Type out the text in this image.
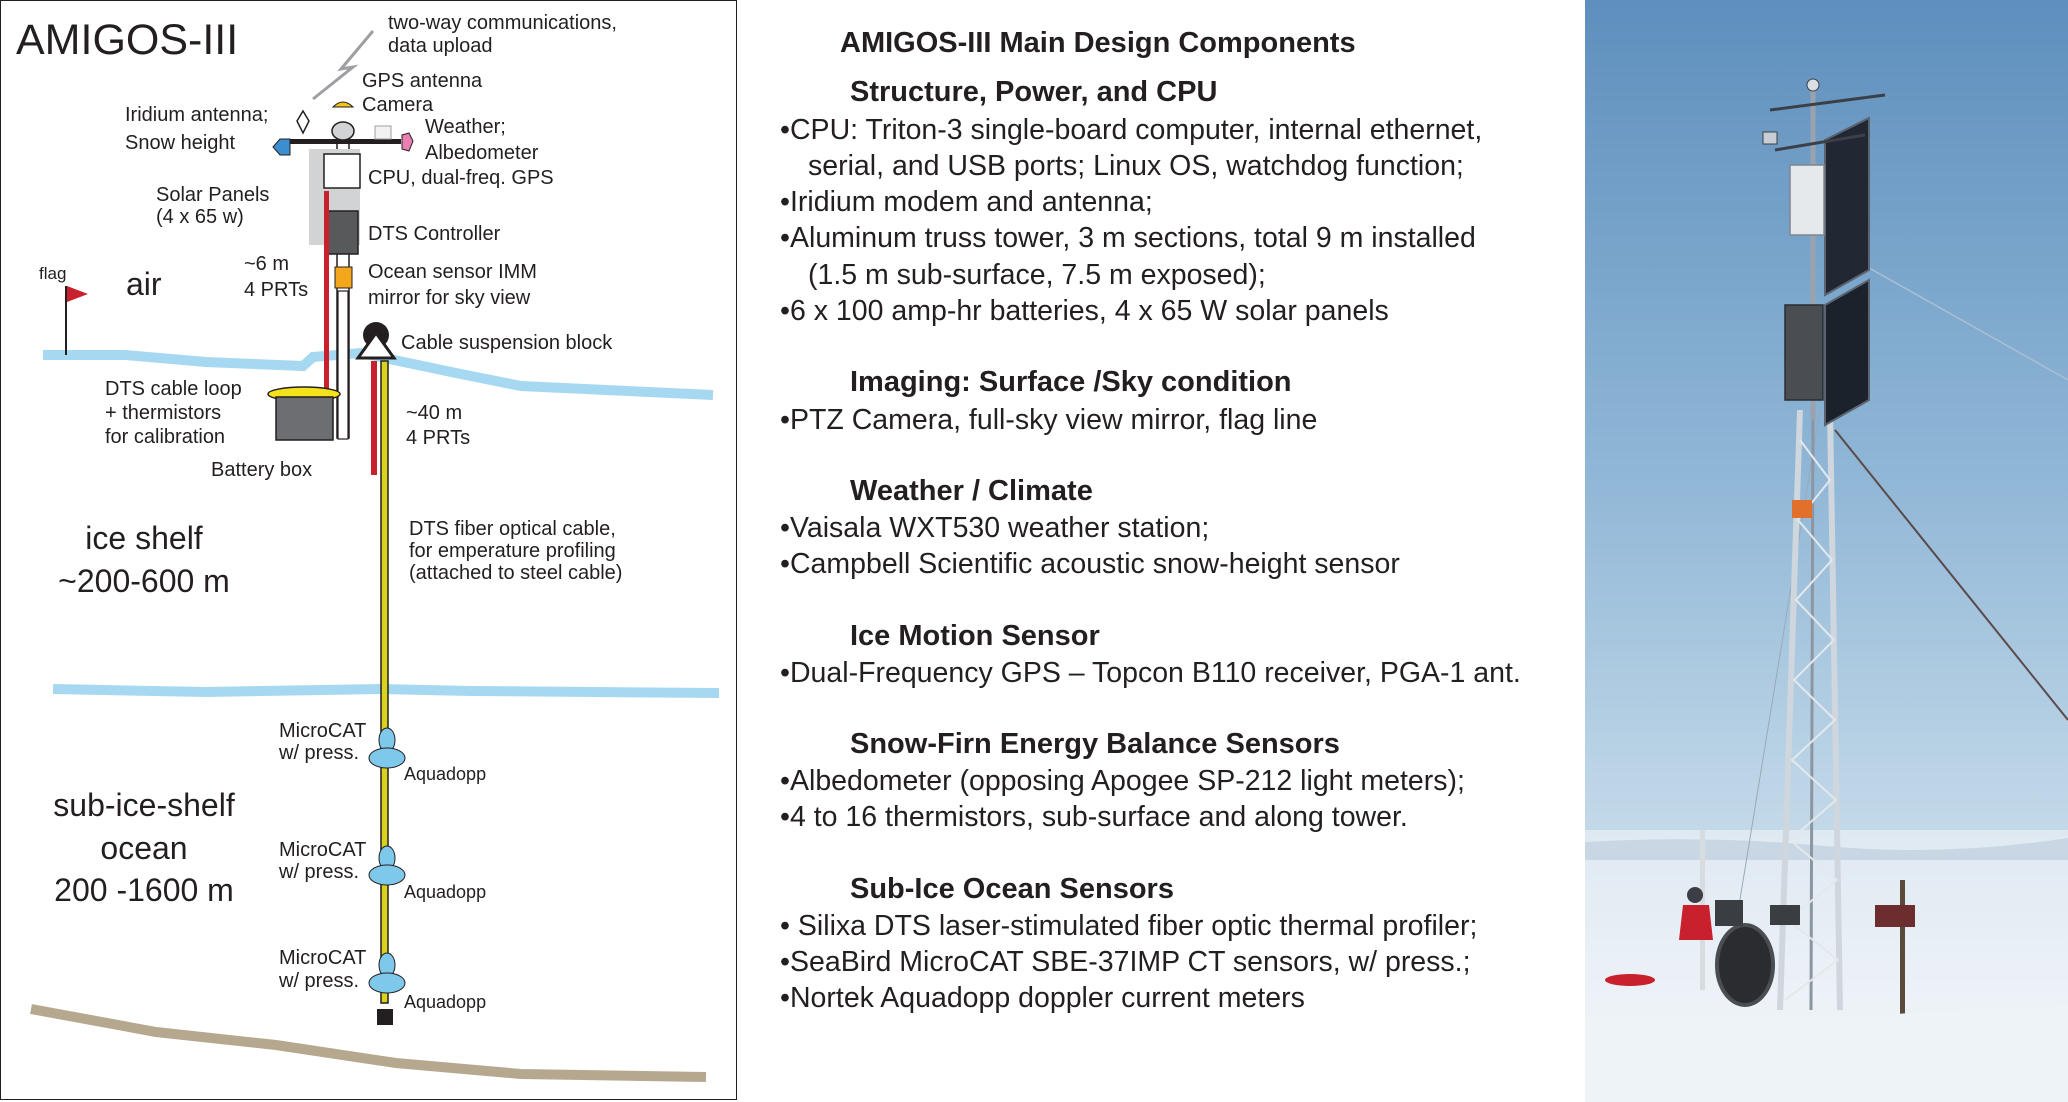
AMIGOS-III	two-way communications,
data upload
GPS antenna
Camera
Iridium antenna;
Snow height
Weather;
Albedometer
CPU, dual-freq. GPS
Solar Panels
(4 x 65 w)
DTS Controller
~6 m
4 PRTs
Ocean sensor IMM
mirror for sky view
flag air
Cable suspension block
DTS cable loop
+ thermistors
for calibration
~40 m
4 PRTs
Battery box
ice shelf
~200-600 m
DTS fiber optical cable,
for emperature profiling
(attached to steel cable)
MicroCAT
w/ press.
Aquadopp
MicroCAT
w/ press.
Aquadopp
MicroCAT
w/ press.
Aquadopp
sub-ice-shelf
ocean
200 -1600 m
AMIGOS-III Main Design Components
Structure, Power, and CPU
•CPU: Triton-3 single-board computer, internal ethernet,
serial, and USB ports; Linux OS, watchdog function;
•Iridium modem and antenna;
•Aluminum truss tower, 3 m sections, total 9 m installed
(1.5 m sub-surface, 7.5 m exposed);
•6 x 100 amp-hr batteries, 4 x 65 W solar panels
Imaging: Surface /Sky condition
•PTZ Camera, full-sky view mirror, flag line
Weather / Climate
•Vaisala WXT530 weather station;
•Campbell Scientific acoustic snow-height sensor
Ice Motion Sensor
•Dual-Frequency GPS – Topcon B110 receiver, PGA-1 ant.
Snow-Firn Energy Balance Sensors
•Albedometer (opposing Apogee SP-212 light meters);
•4 to 16 thermistors, sub-surface and along tower.
Sub-Ice Ocean Sensors
• Silixa DTS laser-stimulated fiber optic thermal profiler;
•SeaBird MicroCAT SBE-37IMP CT sensors, w/ press.;
•Nortek Aquadopp doppler current meters
